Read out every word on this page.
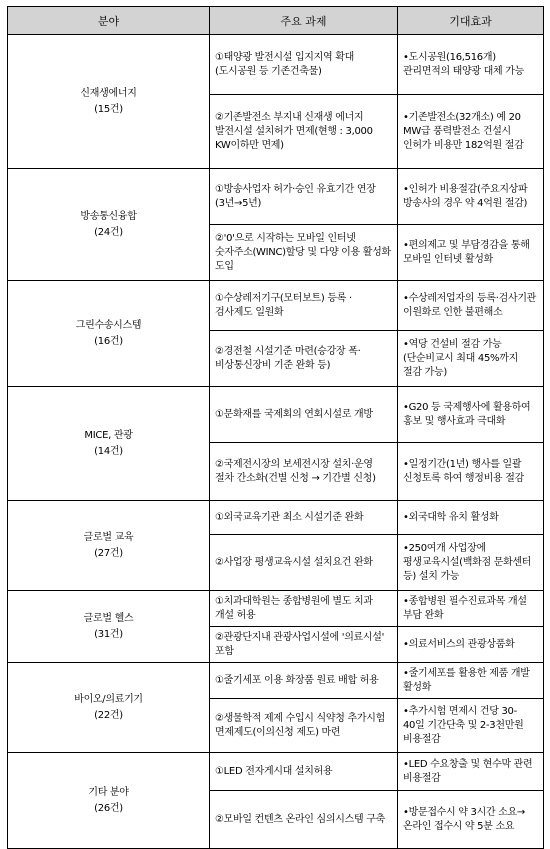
분야	주요 과제	기대효과

신재생에너지
(15건)	①태양광 발전시설 입지지역 확대(도시공원 등 기존건축물)	•도시공원(16,516개) 관리면적의 태양광 대체 가능
	②기존발전소 부지내 신재생 에너지 발전시설 설치허가 면제(현행 : 3,000 KW이하만 면제)	•기존발전소(32개소) 예 20 MW급 풍력발전소 건설시 인허가 비용만 182억원 절감

방송통신융합
(24건)	①방송사업자 허가·승인 유효기간 연장(3년→5년)	•인허가 비용절감(주요지상파 방송사의 경우 약 4억원 절감)
	②'0'으로 시작하는 모바일 인터넷 숫자주소(WINC)할당 및 다양 이용 활성화 도입	•편의제고 및 부담경감을 통해 모바일 인터넷 활성화

그린수송시스템
(16건)	①수상레저기구(모터보트) 등록 · 검사제도 일원화	•수상레저업자의 등록·검사기관 이원화로 인한 불편해소
	②경전철 시설기준 마련(승강장 폭·비상통신장비 기준 완화 등)	•역당 건설비 절감 가능(단순비교시 최대 45%까지 절감 가능)

MICE, 관광
(14건)	①문화재를 국제회의 연회시설로 개방	•G20 등 국제행사에 활용하여 홍보 및 행사효과 극대화
	②국제전시장의 보세전시장 설치·운영 절차 간소화(건별 신청 → 기간별 신청)	•일정기간(1년) 행사를 일괄 신청토록 하여 행정비용 절감

글로벌 교육
(27건)	①외국교육기관 최소 시설기준 완화	•외국대학 유치 활성화
	②사업장 평생교육시설 설치요건 완화	•250여개 사업장에 평생교육시설(백화점 문화센터 등) 설치 가능

글로벌 헬스
(31건)	①치과대학원는 종합병원에 별도 치과 개설 허용	•종합병원 필수진료과목 개설 부담 완화
	②관광단지내 관광사업시설에 '의료시설' 포함	•의료서비스의 관광상품화

바이오/의료기기
(22건)	①줄기세포 이용 화장품 원료 배합 허용	•줄기세포를 활용한 제품 개발 활성화
	②생물학적 제제 수입시 식약청 추가시험 면제제도(이의신청 제도) 마련	•추가시험 면제시 건당 30-40일 기간단축 및 2-3천만원 비용절감

기타 분야
(26건)	①LED 전자게시대 설치허용	•LED 수요창출 및 현수막 관련 비용절감
	②모바일 컨텐츠 온라인 심의시스템 구축	•방문접수시 약 3시간 소요→온라인 접수시 약 5분 소요
